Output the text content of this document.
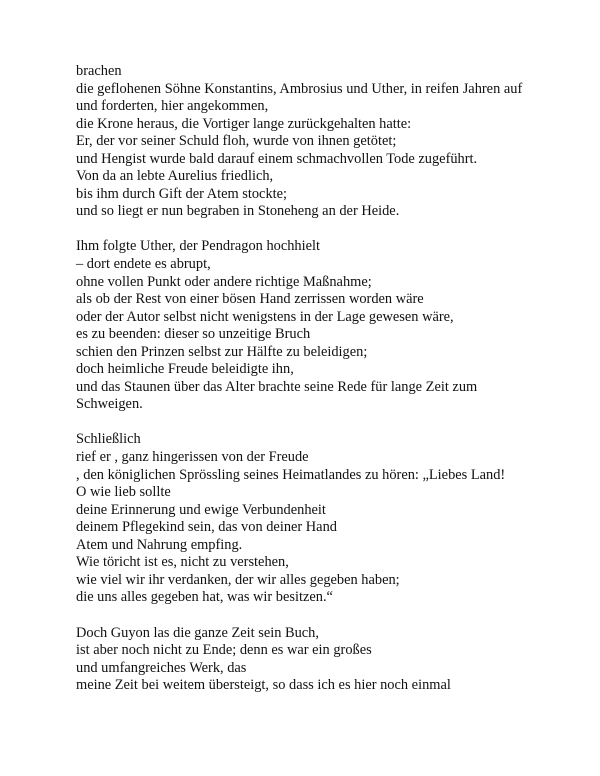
brachen
die geflohenen Söhne Konstantins, Ambrosius und Uther, in reifen Jahren auf
und forderten, hier angekommen,
die Krone heraus, die Vortiger lange zurückgehalten hatte:
Er, der vor seiner Schuld floh, wurde von ihnen getötet;
und Hengist wurde bald darauf einem schmachvollen Tode zugeführt.
Von da an lebte Aurelius friedlich,
bis ihm durch Gift der Atem stockte;
und so liegt er nun begraben in Stoneheng an der Heide.
Ihm folgte Uther, der Pendragon hochhielt
– dort endete es abrupt,
ohne vollen Punkt oder andere richtige Maßnahme;
als ob der Rest von einer bösen Hand zerrissen worden wäre
oder der Autor selbst nicht wenigstens in der Lage gewesen wäre,
es zu beenden: dieser so unzeitige Bruch
schien den Prinzen selbst zur Hälfte zu beleidigen;
doch heimliche Freude beleidigte ihn,
und das Staunen über das Alter brachte seine Rede für lange Zeit zum Schweigen.
Schließlich
rief er , ganz hingerissen von der Freude
, den königlichen Sprössling seines Heimatlandes zu hören: „Liebes Land!
O wie lieb sollte
deine Erinnerung und ewige Verbundenheit
deinem Pflegekind sein, das von deiner Hand
Atem und Nahrung empfing.
Wie töricht ist es, nicht zu verstehen,
wie viel wir ihr verdanken, der wir alles gegeben haben;
die uns alles gegeben hat, was wir besitzen.“
Doch Guyon las die ganze Zeit sein Buch,
ist aber noch nicht zu Ende; denn es war ein großes
und umfangreiches Werk, das
meine Zeit bei weitem übersteigt, so dass ich es hier noch einmal
